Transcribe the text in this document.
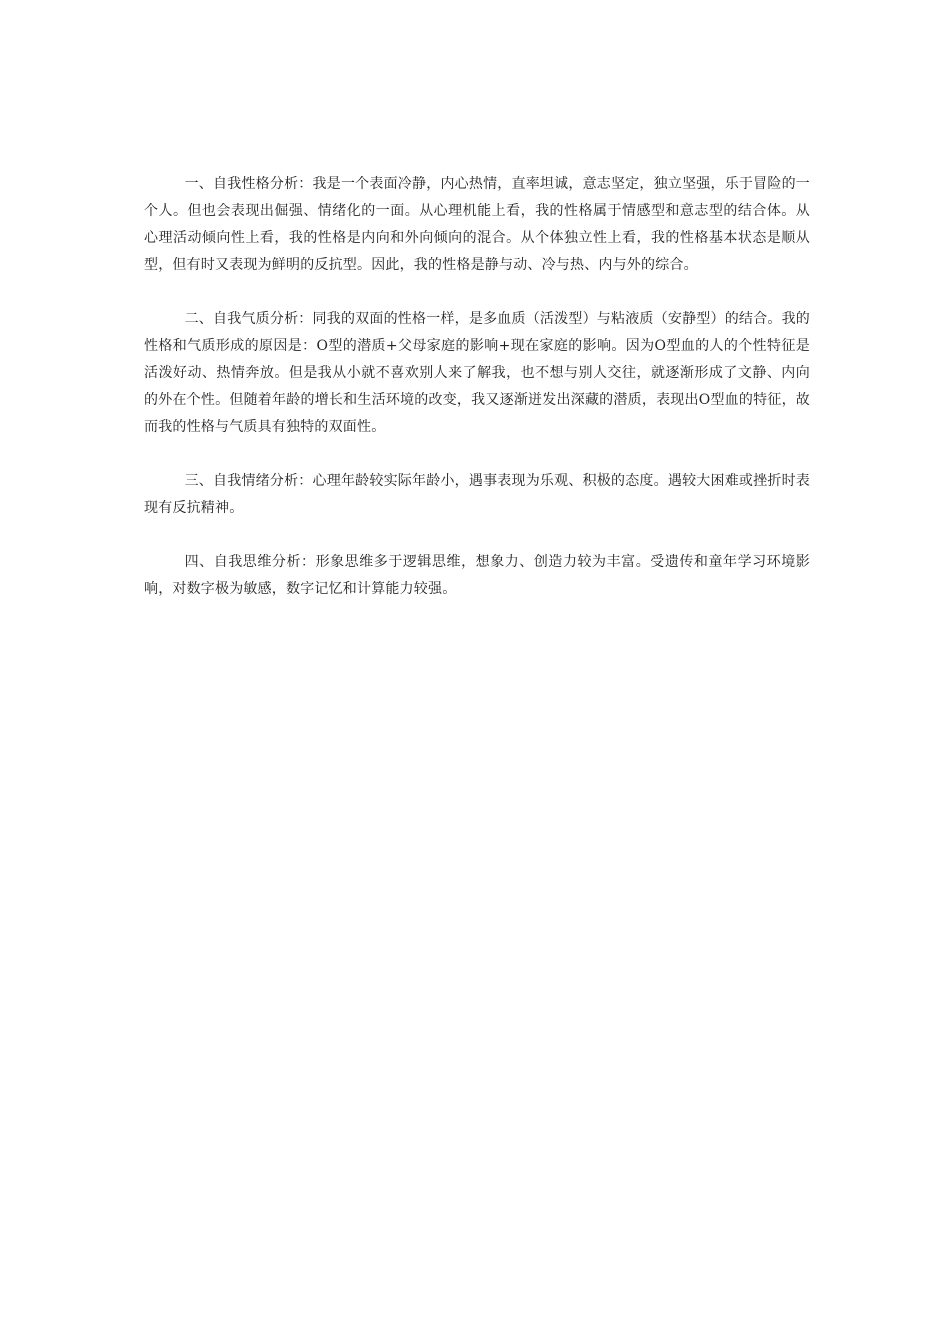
一、自我性格分析：我是一个表面冷静，内心热情，直率坦诚，意志坚定，独立坚强，乐于冒险的一个人。但也会表现出倔强、情绪化的一面。从心理机能上看，我的性格属于情感型和意志型的结合体。从心理活动倾向性上看，我的性格是内向和外向倾向的混合。从个体独立性上看，我的性格基本状态是顺从型，但有时又表现为鲜明的反抗型。因此，我的性格是静与动、冷与热、内与外的综合。

二、自我气质分析：同我的双面的性格一样，是多血质（活泼型）与粘液质（安静型）的结合。我的性格和气质形成的原因是：O型的潜质+父母家庭的影响+现在家庭的影响。因为O型血的人的个性特征是活泼好动、热情奔放。但是我从小就不喜欢别人来了解我，也不想与别人交往，就逐渐形成了文静、内向的外在个性。但随着年龄的增长和生活环境的改变，我又逐渐迸发出深藏的潜质，表现出O型血的特征，故而我的性格与气质具有独特的双面性。

三、自我情绪分析：心理年龄较实际年龄小，遇事表现为乐观、积极的态度。遇较大困难或挫折时表现有反抗精神。

四、自我思维分析：形象思维多于逻辑思维，想象力、创造力较为丰富。受遗传和童年学习环境影响，对数字极为敏感，数字记忆和计算能力较强。
